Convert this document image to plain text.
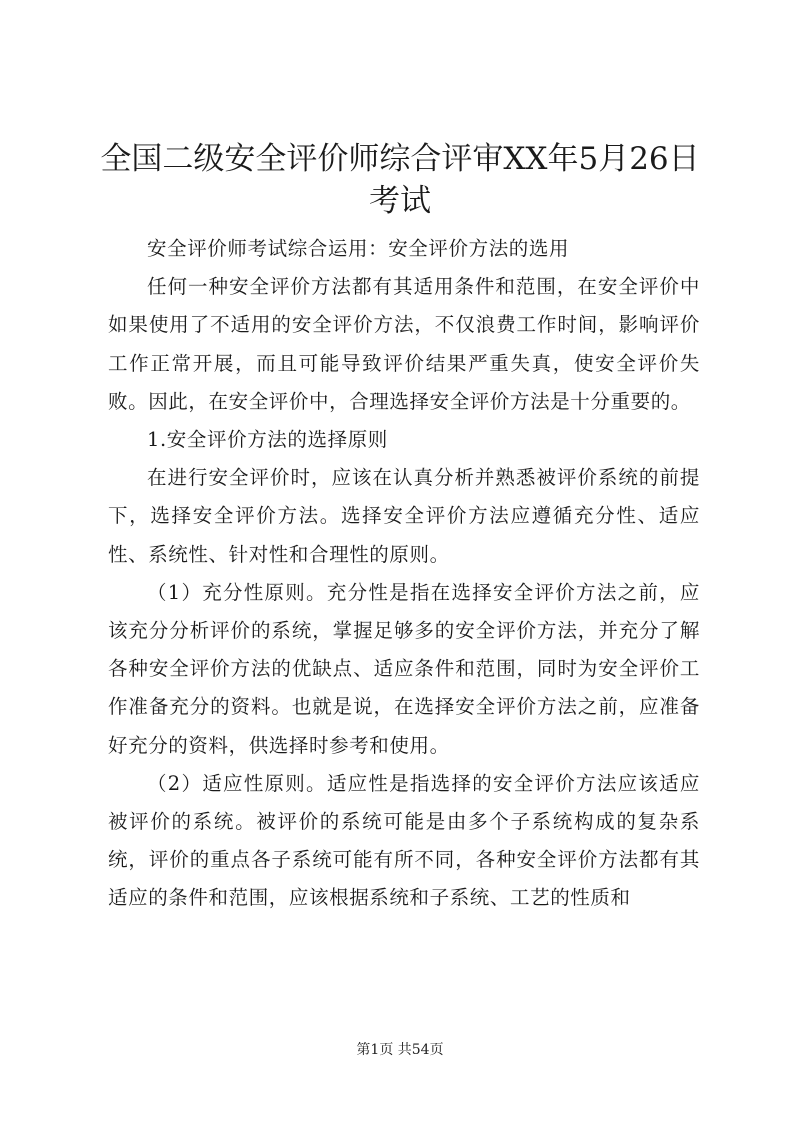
全国二级安全评价师综合评审XX年5月26日考试

安全评价师考试综合运用：安全评价方法的选用

任何一种安全评价方法都有其适用条件和范围，在安全评价中如果使用了不适用的安全评价方法，不仅浪费工作时间，影响评价工作正常开展，而且可能导致评价结果严重失真，使安全评价失败。因此，在安全评价中，合理选择安全评价方法是十分重要的。

1.安全评价方法的选择原则

在进行安全评价时，应该在认真分析并熟悉被评价系统的前提下，选择安全评价方法。选择安全评价方法应遵循充分性、适应性、系统性、针对性和合理性的原则。

（1）充分性原则。充分性是指在选择安全评价方法之前，应该充分分析评价的系统，掌握足够多的安全评价方法，并充分了解各种安全评价方法的优缺点、适应条件和范围，同时为安全评价工作准备充分的资料。也就是说，在选择安全评价方法之前，应准备好充分的资料，供选择时参考和使用。

（2）适应性原则。适应性是指选择的安全评价方法应该适应被评价的系统。被评价的系统可能是由多个子系统构成的复杂系统，评价的重点各子系统可能有所不同，各种安全评价方法都有其适应的条件和范围，应该根据系统和子系统、工艺的性质和

第1页 共54页
